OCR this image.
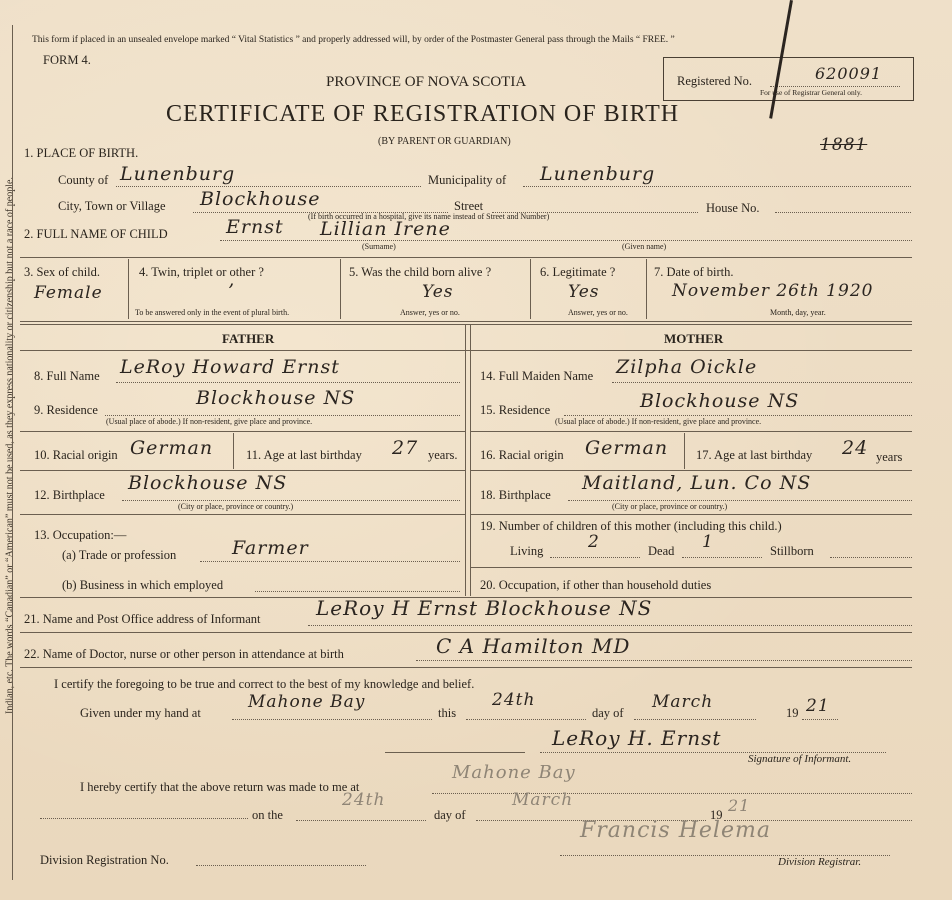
Indian, etc. The words “Canadian” or “American” must not be used, as they express nationality or citizenship but not a race of people.
This form if placed in an unsealed envelope marked “ Vital Statistics ” and properly addressed will, by order of the Postmaster General pass through the Mails “ FREE. ”
FORM 4.
PROVINCE OF NOVA SCOTIA
CERTIFICATE OF REGISTRATION OF BIRTH
(BY PARENT OR GUARDIAN)
Registered No.	620091
For use of Registrar General only.
1881
1. PLACE OF BIRTH.
County of Lunenburg	Municipality of Lunenburg
City, Town or Village Blockhouse	Street	House No.
(If birth occurred in a hospital, give its name instead of Street and Number)
2. FULL NAME OF CHILD	Ernst Lillian Irene
(Surname)	(Given name)
3. Sex of child.
Female
4. Twin, triplet or other ?
’
To be answered only in the event of plural birth.
5. Was the child born alive ?
Yes
Answer, yes or no.
6. Legitimate ?
Yes
Answer, yes or no.
7. Date of birth.
November 26th 1920
Month, day, year.
FATHER	MOTHER
8. Full Name LeRoy Howard Ernst
9. Residence
Blockhouse NS
(Usual place of abode.) If non-resident, give place and province.
10. Racial origin German	11. Age at last birthday 27 years.
12. Birthplace
Blockhouse NS
(City or place, province or country.)
13. Occupation:—
(a) Trade or profession	Farmer
(b) Business in which employed
14. Full Maiden Name Zilpha Oickle
15. Residence	Blockhouse NS
(Usual place of abode.) If non-resident, give place and province.
16. Racial origin German 17. Age at last birthday 24 years
18. Birthplace
Maitland, Lun. Co NS
(City or place, province or country.)
19. Number of children of this mother (including this child.)
Living	2	Dead 1	Stillborn
20. Occupation, if other than household duties
21. Name and Post Office address of Informant	LeRoy H Ernst Blockhouse NS
22. Name of Doctor, nurse or other person in attendance at birth	C A Hamilton MD
I certify the foregoing to be true and correct to the best of my knowledge and belief.
Given under my hand at
Mahone Bay
this
24th
day of
March
19 21
LeRoy H. Ernst
Signature of Informant.
I hereby certify that the above return was made to me at
Mahone Bay
on the
24th
day of
March
19 21
Francis Helema
Division Registration No.	Division Registrar.
